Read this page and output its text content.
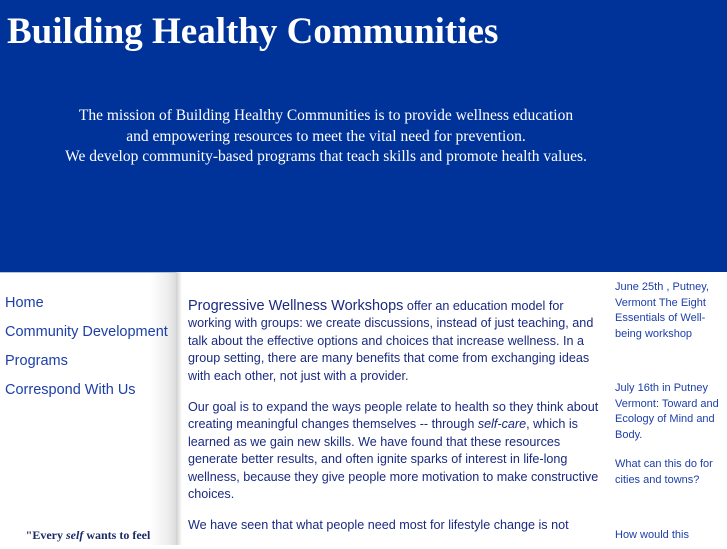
Building Healthy Communities

The mission of Building Healthy Communities is to provide wellness education
and empowering resources to meet the vital need for prevention.
We develop community-based programs that teach skills and promote health values.

Home
Community Development
Programs
Correspond With Us

"Every self wants to feel

Progressive Wellness Workshops offer an education model for working with groups: we create discussions, instead of just teaching, and talk about the effective options and choices that increase wellness. In a group setting, there are many benefits that come from exchanging ideas with each other, not just with a provider.

Our goal is to expand the ways people relate to health so they think about creating meaningful changes themselves -- through self-care, which is learned as we gain new skills. We have found that these resources generate better results, and often ignite sparks of interest in life-long wellness, because they give people more motivation to make constructive choices.

We have seen that what people need most for lifestyle change is not

June 25th , Putney, Vermont The Eight Essentials of Well-being workshop
July 16th in Putney Vermont: Toward and Ecology of Mind and Body.
What can this do for cities and towns?
How would this
